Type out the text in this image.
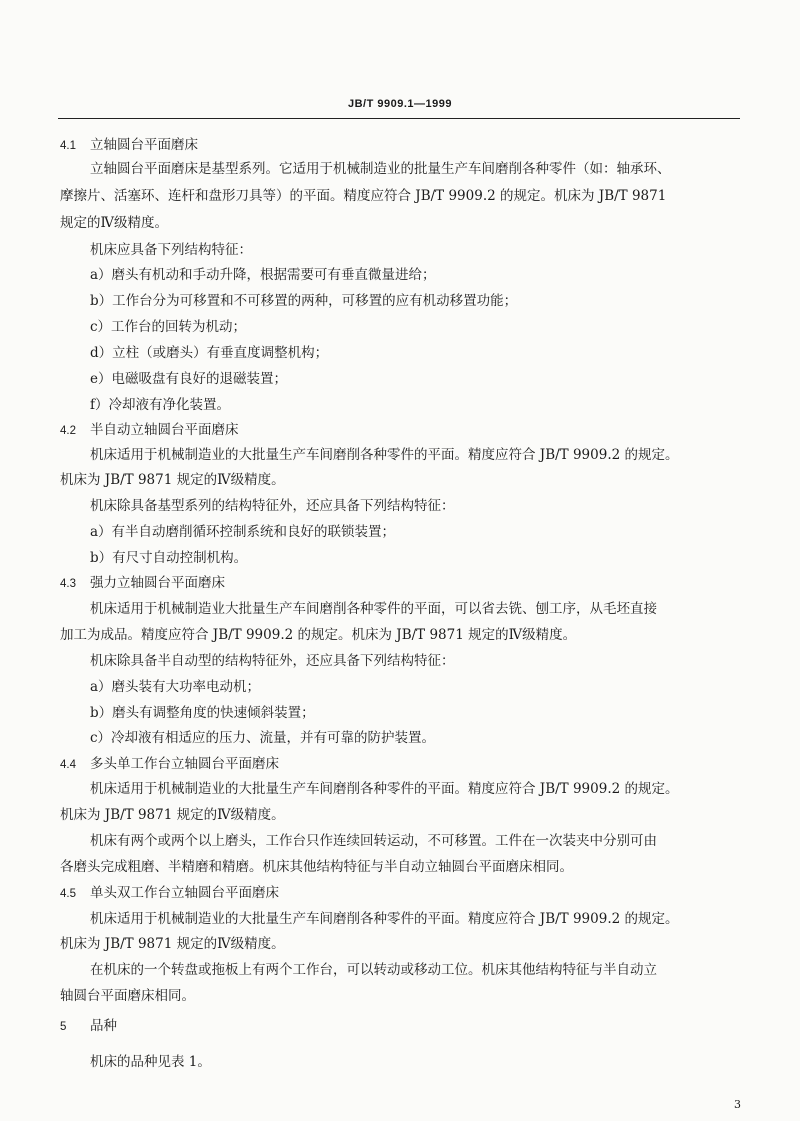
JB/T 9909.1—1999
4.1 立轴圆台平面磨床
立轴圆台平面磨床是基型系列。它适用于机械制造业的批量生产车间磨削各种零件（如：轴承环、
摩擦片、活塞环、连杆和盘形刀具等）的平面。精度应符合 JB/T 9909.2 的规定。机床为 JB/T 9871
规定的Ⅳ级精度。
机床应具备下列结构特征：
a）磨头有机动和手动升降，根据需要可有垂直微量进给；
b）工作台分为可移置和不可移置的两种，可移置的应有机动移置功能；
c）工作台的回转为机动；
d）立柱（或磨头）有垂直度调整机构；
e）电磁吸盘有良好的退磁装置；
f）冷却液有净化装置。
4.2 半自动立轴圆台平面磨床
机床适用于机械制造业的大批量生产车间磨削各种零件的平面。精度应符合 JB/T 9909.2 的规定。
机床为 JB/T 9871 规定的Ⅳ级精度。
机床除具备基型系列的结构特征外，还应具备下列结构特征：
a）有半自动磨削循环控制系统和良好的联锁装置；
b）有尺寸自动控制机构。
4.3 强力立轴圆台平面磨床
机床适用于机械制造业大批量生产车间磨削各种零件的平面，可以省去铣、刨工序，从毛坯直接
加工为成品。精度应符合 JB/T 9909.2 的规定。机床为 JB/T 9871 规定的Ⅳ级精度。
机床除具备半自动型的结构特征外，还应具备下列结构特征：
a）磨头装有大功率电动机；
b）磨头有调整角度的快速倾斜装置；
c）冷却液有相适应的压力、流量，并有可靠的防护装置。
4.4 多头单工作台立轴圆台平面磨床
机床适用于机械制造业的大批量生产车间磨削各种零件的平面。精度应符合 JB/T 9909.2 的规定。
机床为 JB/T 9871 规定的Ⅳ级精度。
机床有两个或两个以上磨头，工作台只作连续回转运动，不可移置。工件在一次装夹中分别可由
各磨头完成粗磨、半精磨和精磨。机床其他结构特征与半自动立轴圆台平面磨床相同。
4.5 单头双工作台立轴圆台平面磨床
机床适用于机械制造业的大批量生产车间磨削各种零件的平面。精度应符合 JB/T 9909.2 的规定。
机床为 JB/T 9871 规定的Ⅳ级精度。
在机床的一个转盘或拖板上有两个工作台，可以转动或移动工位。机床其他结构特征与半自动立
轴圆台平面磨床相同。
5 品种
机床的品种见表 1。
3
